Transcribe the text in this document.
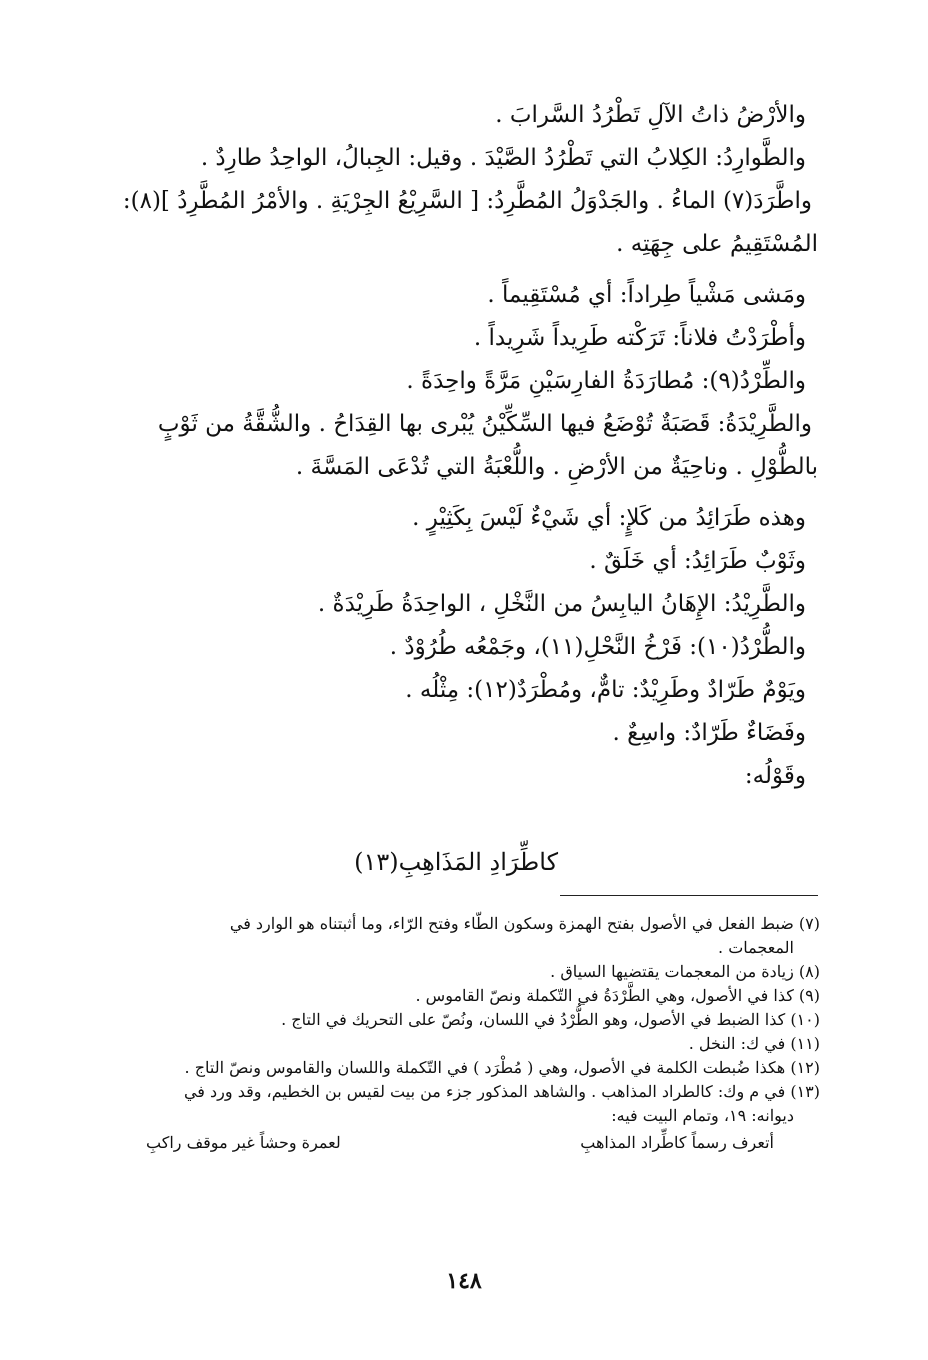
والأرْضُ ذاتُ الآلِ تَطْرُدُ السَّرابَ .
والطَّوارِدُ: الكِلابُ التي تَطْرُدُ الصَّيْدَ . وقيل: الجِبالُ، الواحِدُ طارِدٌ .
واطَّرَدَ(٧) الماءُ . والجَدْوَلُ المُطَّرِدُ: [ السَّرِيْعُ الجِرْيَةِ . والأمْرُ المُطَّرِدُ ](٨):
المُسْتَقِيمُ على جِهَتِه .
ومَشى مَشْياً طِراداً: أي مُسْتَقِيماً .
وأطْرَدْتُ فلاناً: تَرَكْته طَرِيداً شَرِيداً .
والطِّرْدُ(٩): مُطارَدَةُ الفارِسَيْنِ مَرَّةً واحِدَةً .
والطَّرِيْدَةُ: قَصَبَةٌ تُوْضَعُ فيها السِّكِّيْنُ يُبْرى بها القِدَاحُ . والشُّقَّةُ من ثَوْبٍ
بالطُّوْلِ . وناحِيَةٌ من الأرْضِ . واللُّعْبَةُ التي تُدْعَى المَسَّةَ .
وهذه طَرَائِدُ من كَلإٍ: أي شَيْءٌ لَيْسَ بِكَثِيْرٍ .
وثَوْبٌ طَرَائِدُ: أي خَلَقٌ .
والطَّرِيْدُ: الإِهَانُ اليابِسُ من النَّخْلِ ، الواحِدَةُ طَرِيْدَةٌ .
والطُّرْدُ(١٠): فَرْخُ النَّحْلِ(١١)، وجَمْعُه طُرُوْدٌ .
ويَوْمٌ طَرّادٌ وطَرِيْدٌ: تامٌّ، ومُطْرَدٌ(١٢): مِثْلُه .
وفَضَاءٌ طَرّادٌ: واسِعٌ .
وقَوْلُه:
كاطِّرَادِ المَذَاهِبِ(١٣)
(٧) ضبط الفعل في الأصول بفتح الهمزة وسكون الطّاء وفتح الرّاء، وما أثبتناه هو الوارد في
المعجمات .
(٨) زيادة من المعجمات يقتضيها السياق .
(٩) كذا في الأصول، وهي الطَّرْدَةُ في التّكملة ونصّ القاموس .
(١٠) كذا الضبط في الأصول، وهو الطُّرْدُ في اللسان، ونُصّ على التحريك في التاج .
(١١) في ك: النخل .
(١٢) هكذا ضُبطت الكلمة في الأصول، وهي ( مُطْرَد ) في التّكملة واللسان والقاموس ونصّ التاج .
(١٣) في م وك: كالطراد المذاهب . والشاهد المذكور جزء من بيت لقيس بن الخطيم، وقد ورد في
ديوانه: ١٩، وتمام البيت فيه:
أتعرف رسماً كاطِّراد المذاهبِ
لعمرة وحشاً غير موقف راكبِ
١٤٨
